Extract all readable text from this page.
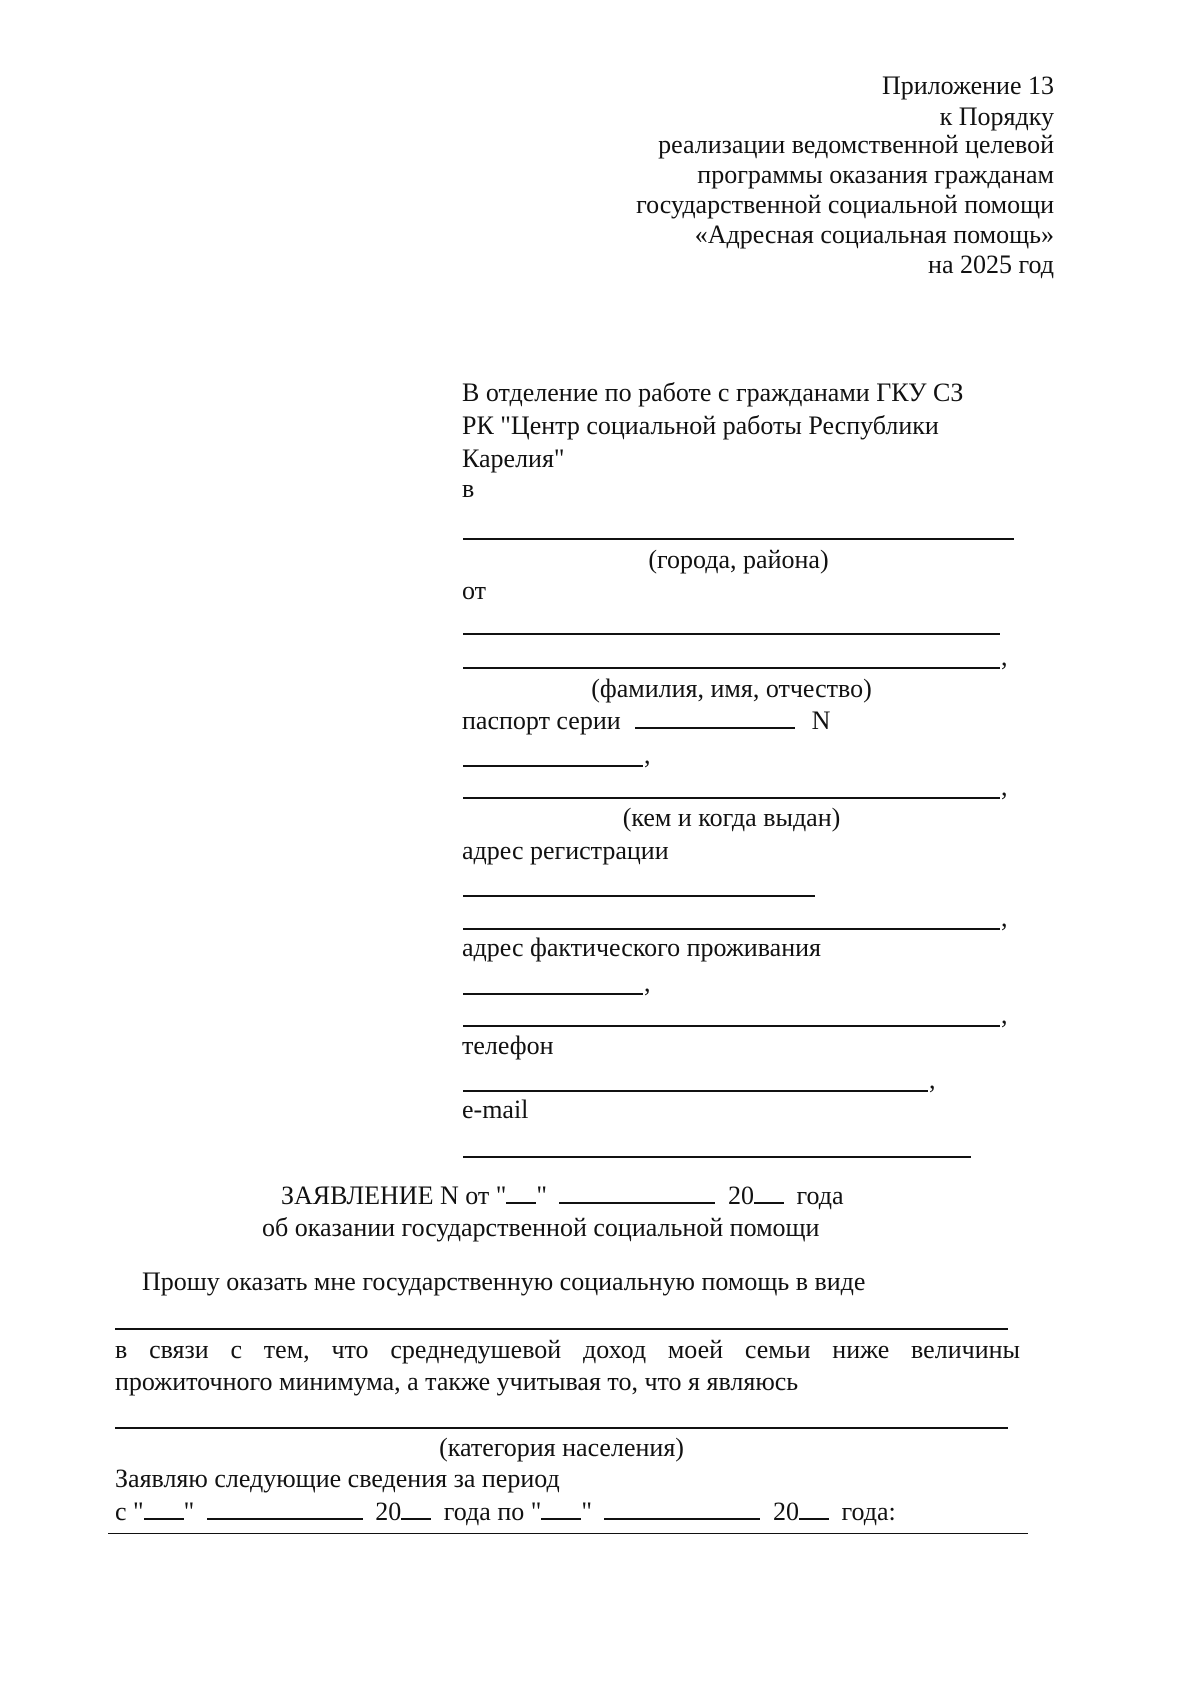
Приложение 13
к Порядку
реализации ведомственной целевой
программы оказания гражданам
государственной социальной помощи
«Адресная социальная помощь»
на 2025 год
В отделение по работе с гражданами ГКУ СЗ
РК "Центр социальной работы Республики
Карелия"
в
(города, района)
от
,
(фамилия, имя, отчество)
паспорт серии	N
,
,
(кем и когда выдан)
адрес регистрации
,
адрес фактического проживания
,
,
телефон
,
e-mail
ЗАЯВЛЕНИЕ N от " "	20 года
об оказании государственной социальной помощи
Прошу оказать мне государственную социальную помощь в виде
в связи с тем, что среднедушевой доход моей семьи ниже величины
прожиточного минимума, а также учитывая то, что я являюсь
(категория населения)
Заявляю следующие сведения за период
с " "	20 года по " "	20 года:
